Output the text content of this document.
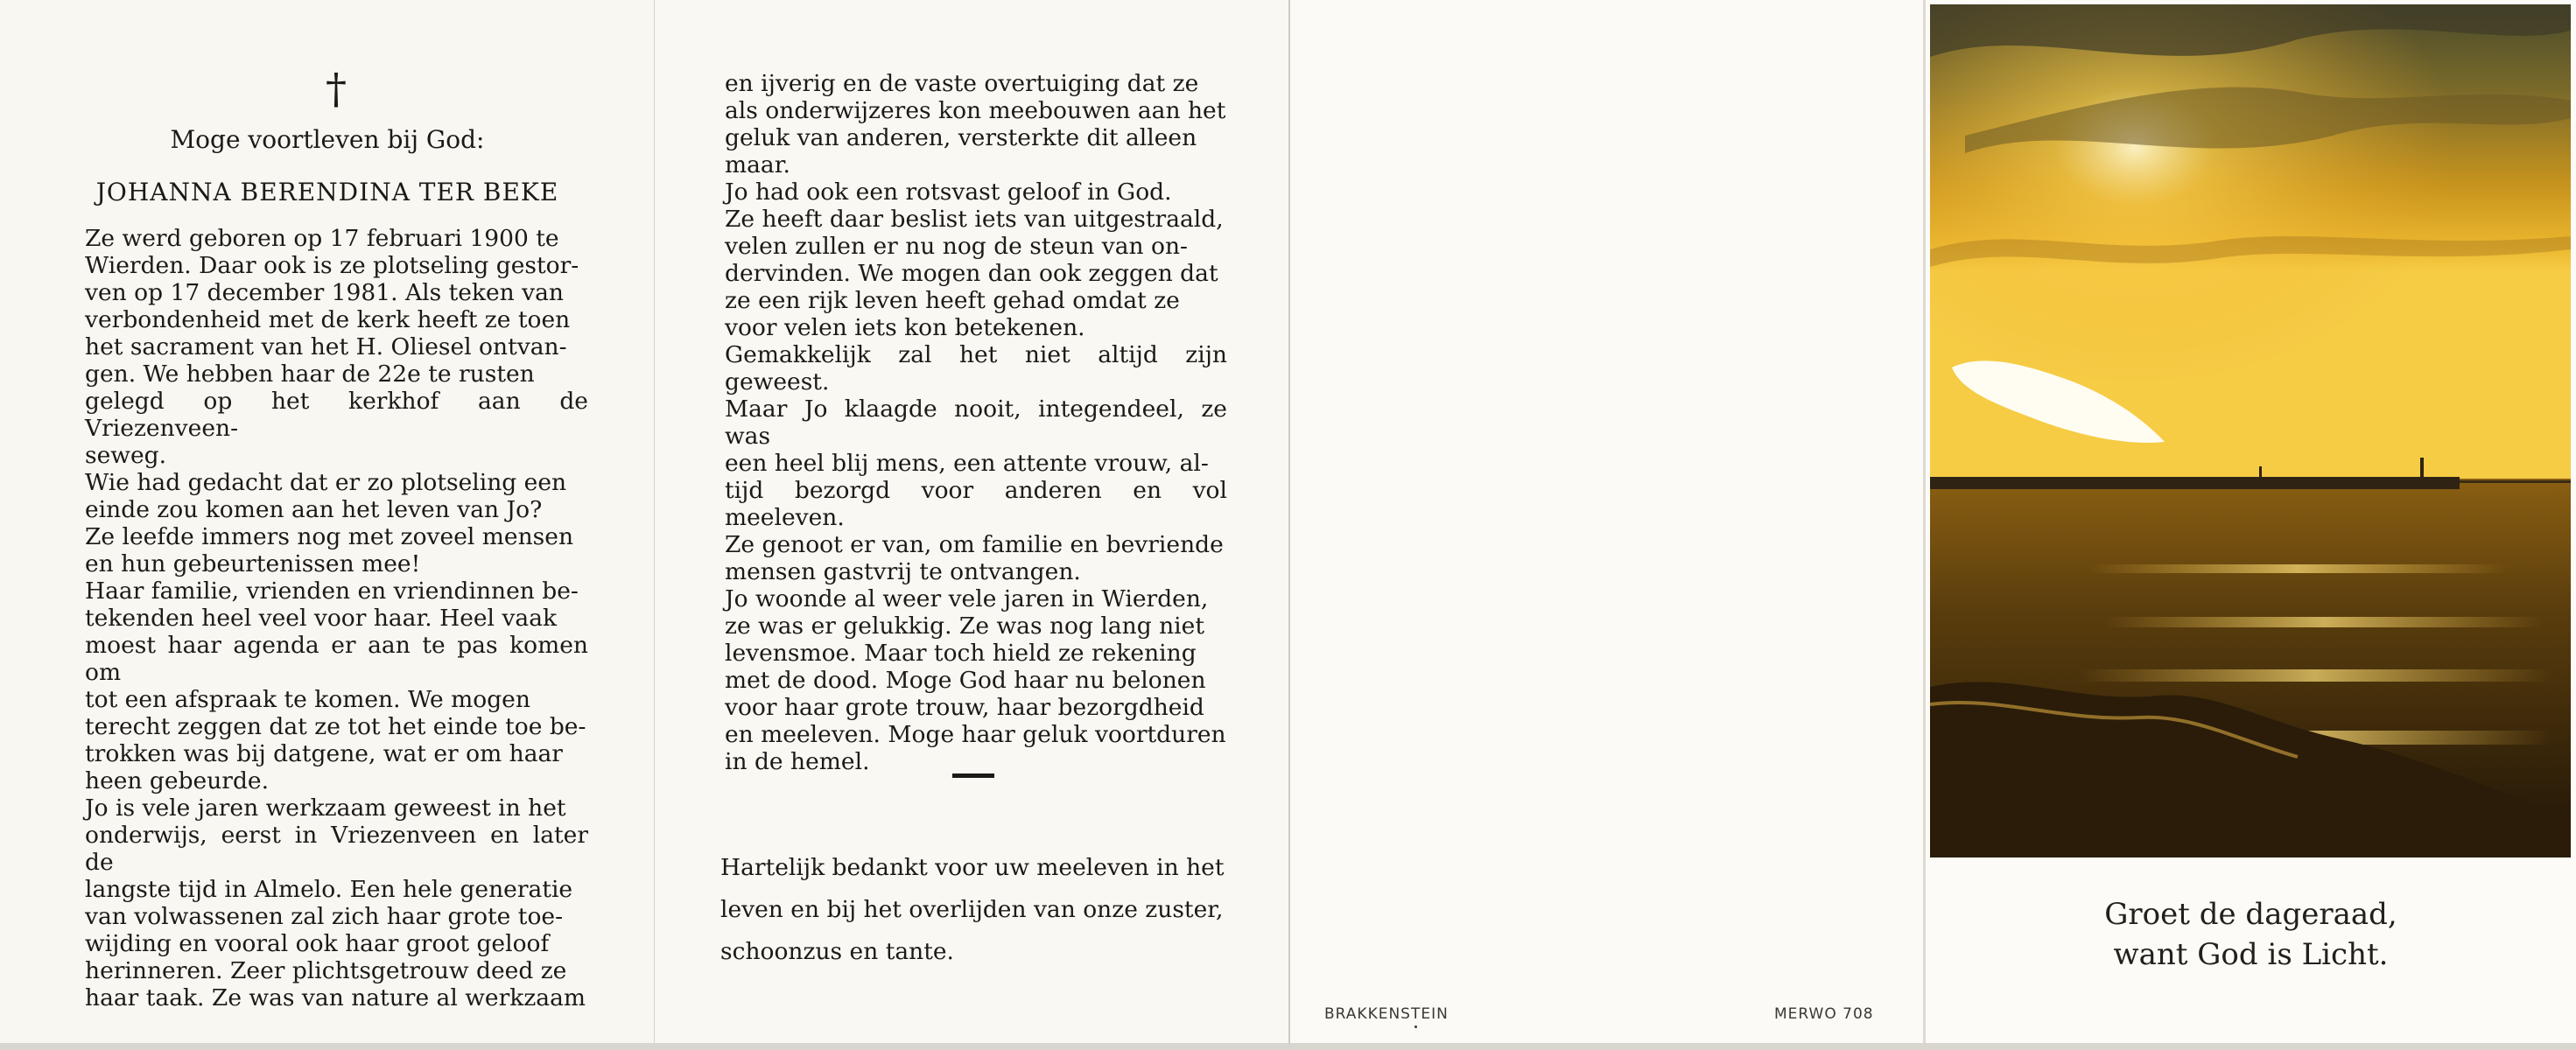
†
Moge voortleven bij God:
JOHANNA BERENDINA TER BEKE

Ze werd geboren op 17 februari 1900 te
Wierden. Daar ook is ze plotseling gestor-
ven op 17 december 1981. Als teken van
verbondenheid met de kerk heeft ze toen
het sacrament van het H. Oliesel ontvan-
gen. We hebben haar de 22e te rusten
gelegd op het kerkhof aan de Vriezenveen-
seweg.

Wie had gedacht dat er zo plotseling een
einde zou komen aan het leven van Jo?
Ze leefde immers nog met zoveel mensen
en hun gebeurtenissen mee!
Haar familie, vrienden en vriendinnen be-
tekenden heel veel voor haar. Heel vaak
moest haar agenda er aan te pas komen om
tot een afspraak te komen. We mogen
terecht zeggen dat ze tot het einde toe be-
trokken was bij datgene, wat er om haar
heen gebeurde.
Jo is vele jaren werkzaam geweest in het
onderwijs, eerst in Vriezenveen en later de
langste tijd in Almelo. Een hele generatie
van volwassenen zal zich haar grote toe-
wijding en vooral ook haar groot geloof
herinneren. Zeer plichtsgetrouw deed ze
haar taak. Ze was van nature al werkzaam

en ijverig en de vaste overtuiging dat ze
als onderwijzeres kon meebouwen aan het
geluk van anderen, versterkte dit alleen
maar.
Jo had ook een rotsvast geloof in God.
Ze heeft daar beslist iets van uitgestraald,
velen zullen er nu nog de steun van on-
dervinden. We mogen dan ook zeggen dat
ze een rijk leven heeft gehad omdat ze
voor velen iets kon betekenen.
Gemakkelijk zal het niet altijd zijn geweest.
Maar Jo klaagde nooit, integendeel, ze was
een heel blij mens, een attente vrouw, al-
tijd bezorgd voor anderen en vol meeleven.
Ze genoot er van, om familie en bevriende
mensen gastvrij te ontvangen.
Jo woonde al weer vele jaren in Wierden,
ze was er gelukkig. Ze was nog lang niet
levensmoe. Maar toch hield ze rekening
met de dood. Moge God haar nu belonen
voor haar grote trouw, haar bezorgdheid
en meeleven. Moge haar geluk voortduren
in de hemel.

Hartelijk bedankt voor uw meeleven in het
leven en bij het overlijden van onze zuster,
schoonzus en tante.

BRAKKENSTEIN	MERWO 708

Groet de dageraad,
want God is Licht.
